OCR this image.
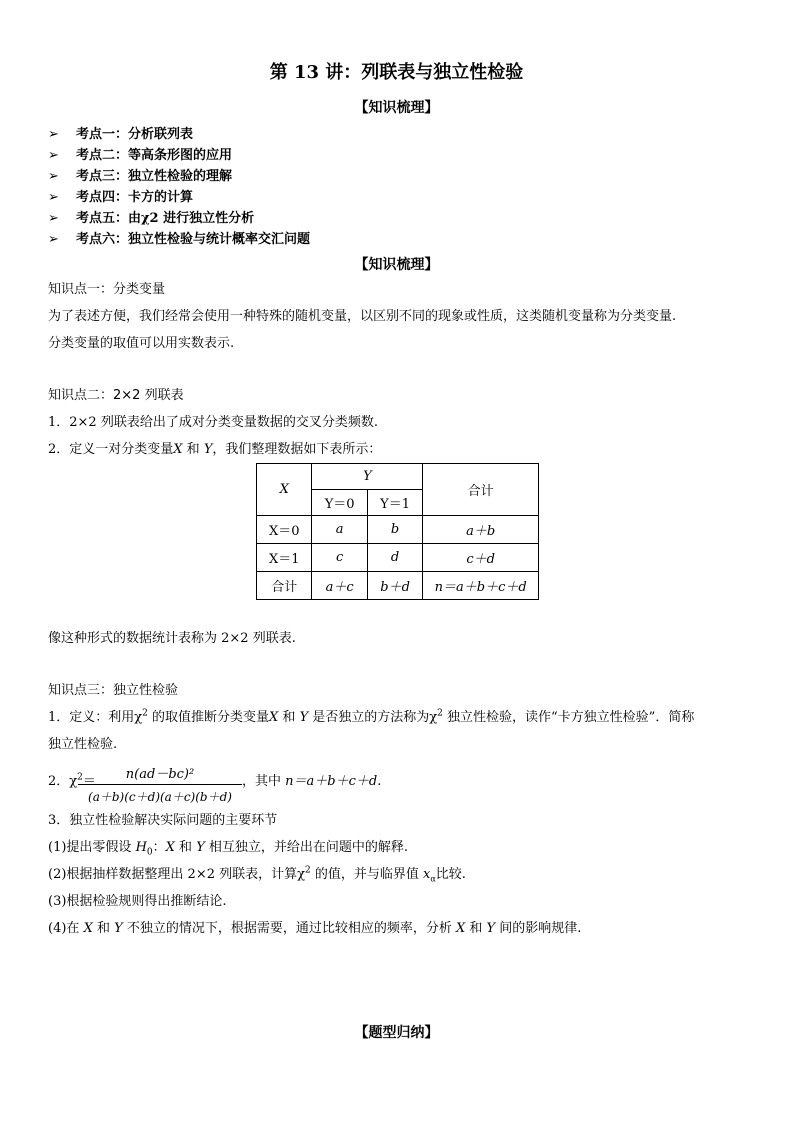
第 13 讲：列联表与独立性检验
【知识梳理】
➢ 考点一：分析联列表
➢ 考点二：等高条形图的应用
➢ 考点三：独立性检验的理解
➢ 考点四：卡方的计算
➢ 考点五：由χ2 进行独立性分析
➢ 考点六：独立性检验与统计概率交汇问题
【知识梳理】
知识点一：分类变量
为了表述方便，我们经常会使用一种特殊的随机变量，以区别不同的现象或性质，这类随机变量称为分类变量.
分类变量的取值可以用实数表示.
知识点二：2×2 列联表
1．2×2 列联表给出了成对分类变量数据的交叉分类频数.
2．定义一对分类变量X 和 Y，我们整理数据如下表所示：
X	Y		合计
	Y＝0	Y＝1	
X＝0	a	b	a＋b
X＝1	c	d	c＋d
合计	a＋c	b＋d	n＝a＋b＋c＋d
像这种形式的数据统计表称为 2×2 列联表.
知识点三：独立性检验
1．定义：利用$\chi^2$ 的取值推断分类变量X 和 Y 是否独立的方法称为$\chi^2$ 独立性检验，读作“卡方独立性检验”．简称
独立性检验.
2．$\chi^2=$	n(ad－bc)²
(a＋b)(c＋d)(a＋c)(b＋d)
，其中 n＝a＋b＋c＋d.
3．独立性检验解决实际问题的主要环节
(1)提出零假设 $H_0$：X 和 Y 相互独立，并给出在问题中的解释.
(2)根据抽样数据整理出 2×2 列联表，计算$\chi^2$ 的值，并与临界值 $x_\alpha$比较.
(3)根据检验规则得出推断结论.
(4)在 X 和 Y 不独立的情况下，根据需要，通过比较相应的频率，分析 X 和 Y 间的影响规律.
【题型归纳】
